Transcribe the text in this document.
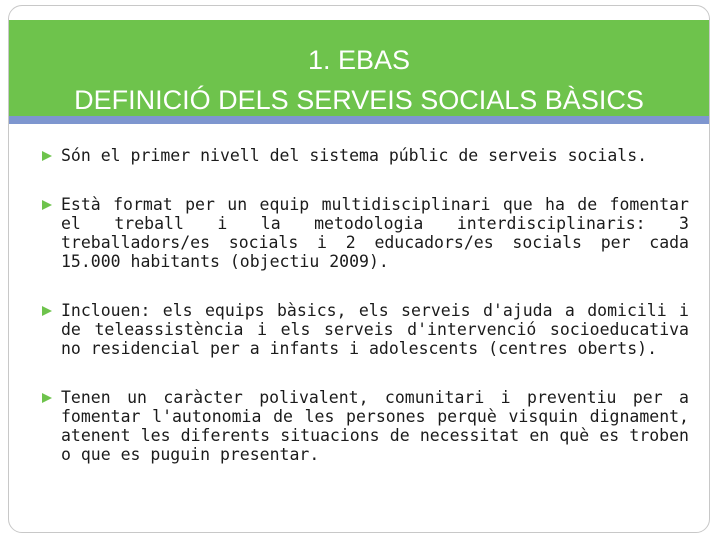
1. EBAS
DEFINICIÓ DELS SERVEIS SOCIALS BÀSICS
Són el primer nivell del sistema públic de serveis socials.
Està format per un equip multidisciplinari que ha de fomentar el treball i la metodologia interdisciplinaris: 3 treballadors/es socials i 2 educadors/es socials per cada 15.000 habitants (objectiu 2009).
Inclouen: els equips bàsics, els serveis d'ajuda a domicili i de teleassistència i els serveis d'intervenció socioeducativa no residencial per a infants i adolescents (centres oberts).
Tenen un caràcter polivalent, comunitari i preventiu per a fomentar l'autonomia de les persones perquè visquin dignament, atenent les diferents situacions de necessitat en què es troben o que es puguin presentar.
